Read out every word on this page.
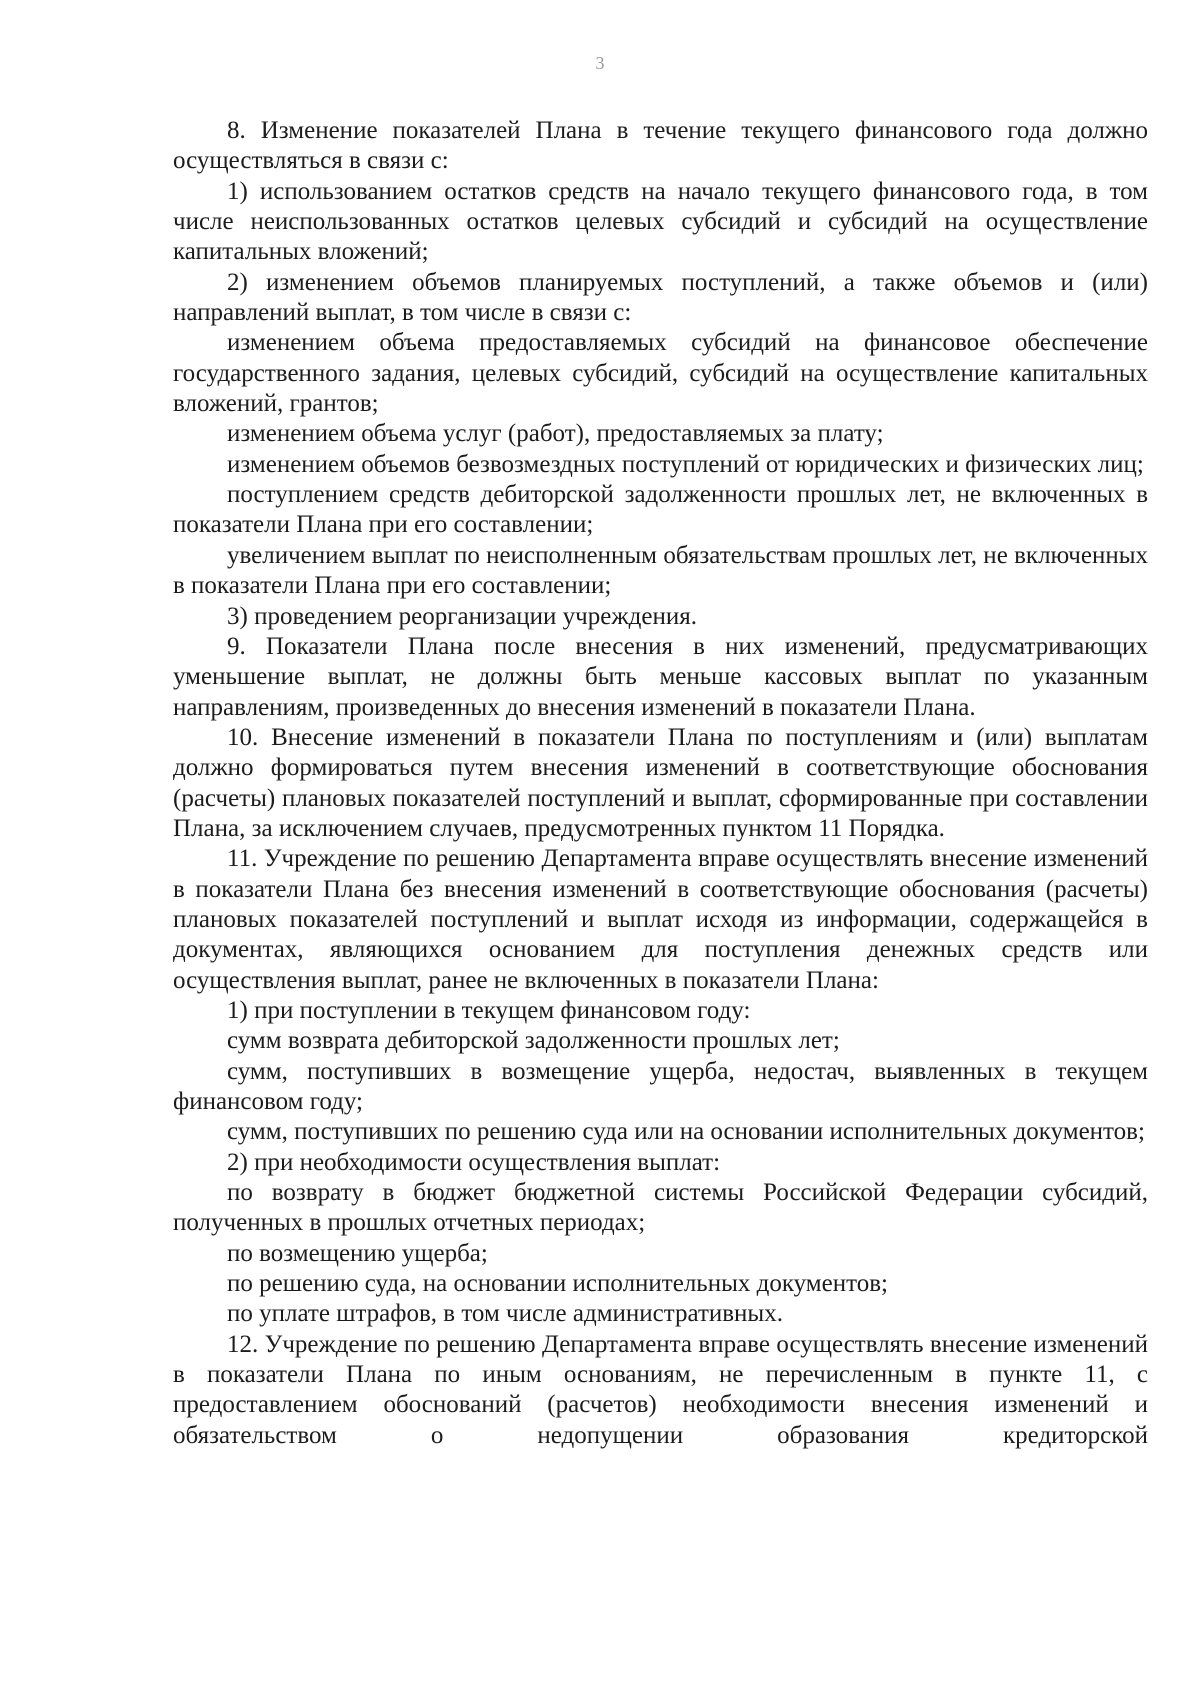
3

8. Изменение показателей Плана в течение текущего финансового года должно осуществляться в связи с:

1) использованием остатков средств на начало текущего финансового года, в том числе неиспользованных остатков целевых субсидий и субсидий на осуществление капитальных вложений;

2) изменением объемов планируемых поступлений, а также объемов и (или) направлений выплат, в том числе в связи с:

изменением объема предоставляемых субсидий на финансовое обеспечение государственного задания, целевых субсидий, субсидий на осуществление капитальных вложений, грантов;

изменением объема услуг (работ), предоставляемых за плату;

изменением объемов безвозмездных поступлений от юридических и физических лиц;

поступлением средств дебиторской задолженности прошлых лет, не включенных в показатели Плана при его составлении;

увеличением выплат по неисполненным обязательствам прошлых лет, не включенных в показатели Плана при его составлении;

3) проведением реорганизации учреждения.

9. Показатели Плана после внесения в них изменений, предусматривающих уменьшение выплат, не должны быть меньше кассовых выплат по указанным направлениям, произведенных до внесения изменений в показатели Плана.

10. Внесение изменений в показатели Плана по поступлениям и (или) выплатам должно формироваться путем внесения изменений в соответствующие обоснования (расчеты) плановых показателей поступлений и выплат, сформированные при составлении Плана, за исключением случаев, предусмотренных пунктом 11 Порядка.

11. Учреждение по решению Департамента вправе осуществлять внесение изменений в показатели Плана без внесения изменений в соответствующие обоснования (расчеты) плановых показателей поступлений и выплат исходя из информации, содержащейся в документах, являющихся основанием для поступления денежных средств или осуществления выплат, ранее не включенных в показатели Плана:

1) при поступлении в текущем финансовом году:

сумм возврата дебиторской задолженности прошлых лет;

сумм, поступивших в возмещение ущерба, недостач, выявленных в текущем финансовом году;

сумм, поступивших по решению суда или на основании исполнительных документов;

2) при необходимости осуществления выплат:

по возврату в бюджет бюджетной системы Российской Федерации субсидий, полученных в прошлых отчетных периодах;

по возмещению ущерба;

по решению суда, на основании исполнительных документов;

по уплате штрафов, в том числе административных.

12. Учреждение по решению Департамента вправе осуществлять внесение изменений в показатели Плана по иным основаниям, не перечисленным в пункте 11, с предоставлением обоснований (расчетов) необходимости внесения изменений и обязательством о недопущении образования кредиторской
